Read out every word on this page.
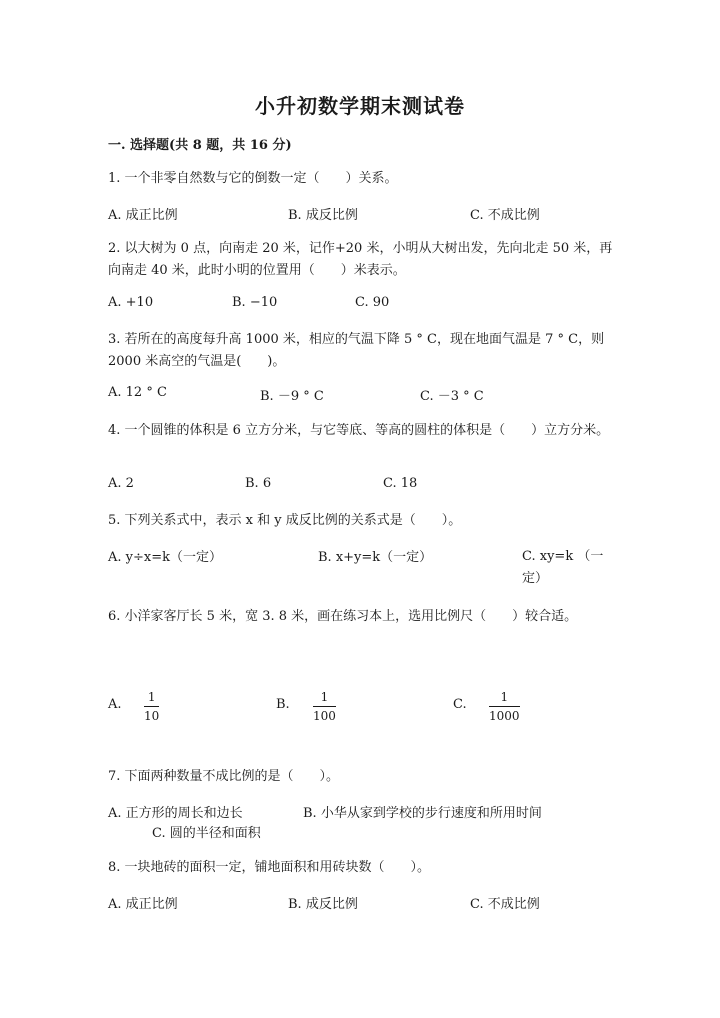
小升初数学期末测试卷
一. 选择题(共 8 题，共 16 分)
1. 一个非零自然数与它的倒数一定（　　）关系。
A. 成正比例	B. 成反比例	C. 不成比例
2. 以大树为 0 点，向南走 20 米，记作+20 米，小明从大树出发，先向北走 50 米，再向南走 40 米，此时小明的位置用（　　）米表示。
A. +10	B. −10	C. 90
3. 若所在的高度每升高 1000 米，相应的气温下降 5 ° C，现在地面气温是 7 ° C，则 2000 米高空的气温是(　　)。
A. 12 ° C	B. －9 ° C	C. －3 ° C
4. 一个圆锥的体积是 6 立方分米，与它等底、等高的圆柱的体积是（　　）立方分米。
A. 2	B. 6	C. 18
5. 下列关系式中，表示 x 和 y 成反比例的关系式是（　　）。
A. y÷x=k（一定）	B. x+y=k（一定）	C. xy=k （一定）
6. 小洋家客厅长 5 米，宽 3. 8 米，画在练习本上，选用比例尺（　　）较合适。
A. 1
10
B.	1
100
C.	1
1000
7. 下面两种数量不成比例的是（　　）。
A. 正方形的周长和边长	B. 小华从家到学校的步行速度和所用时间
C. 圆的半径和面积
8. 一块地砖的面积一定，铺地面积和用砖块数（　　）。
A. 成正比例	B. 成反比例	C. 不成比例
